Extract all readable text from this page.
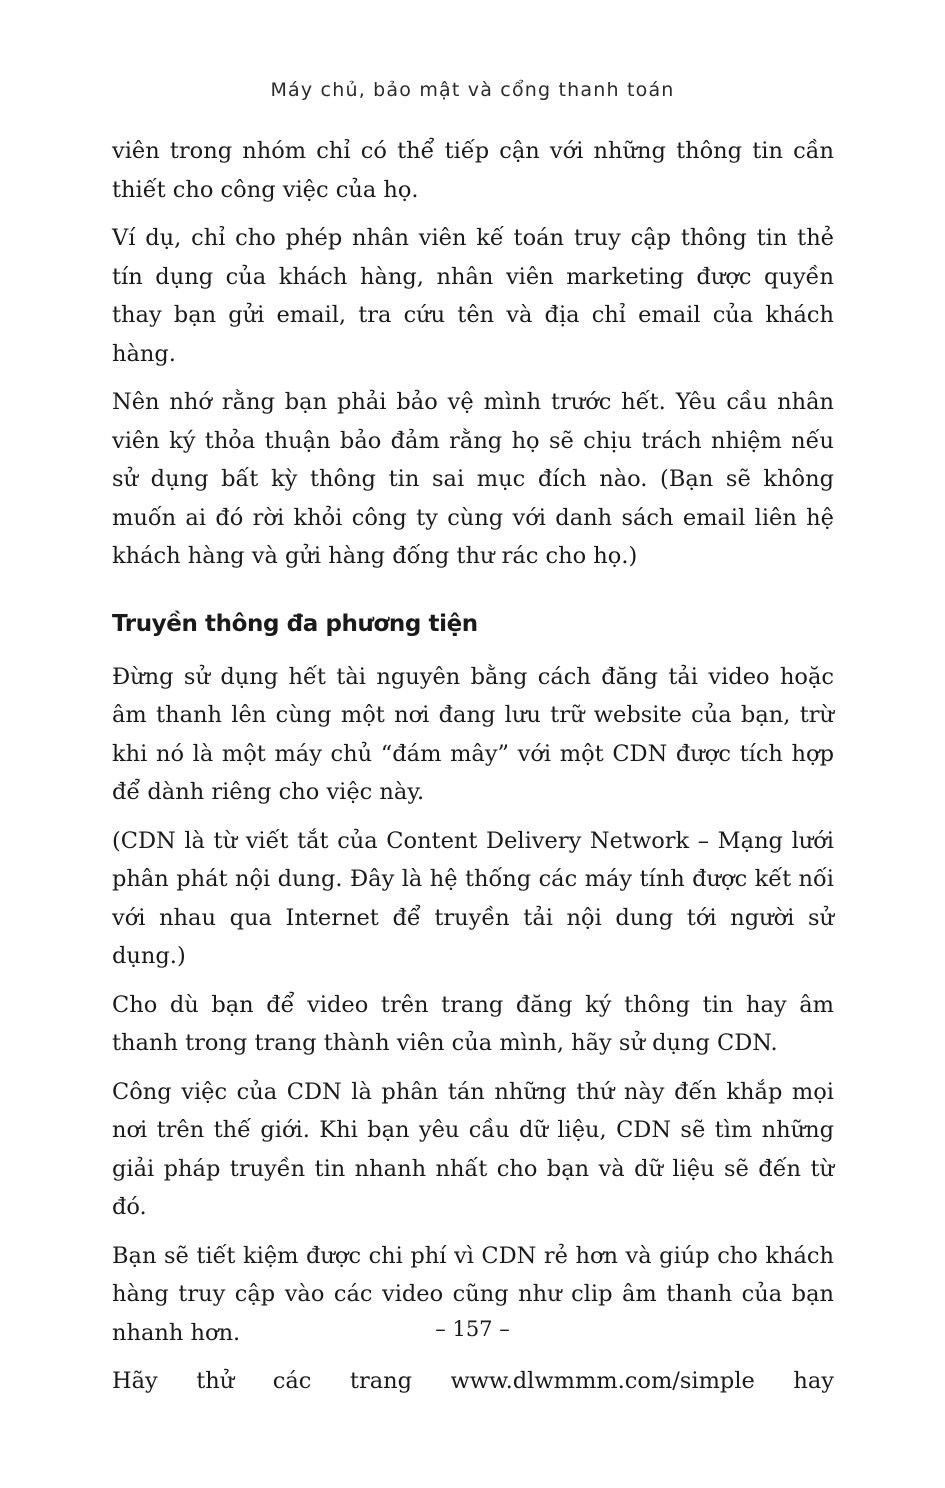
Máy chủ, bảo mật và cổng thanh toán

viên trong nhóm chỉ có thể tiếp cận với những thông tin cần thiết cho công việc của họ.

Ví dụ, chỉ cho phép nhân viên kế toán truy cập thông tin thẻ tín dụng của khách hàng, nhân viên marketing được quyền thay bạn gửi email, tra cứu tên và địa chỉ email của khách hàng.

Nên nhớ rằng bạn phải bảo vệ mình trước hết. Yêu cầu nhân viên ký thỏa thuận bảo đảm rằng họ sẽ chịu trách nhiệm nếu sử dụng bất kỳ thông tin sai mục đích nào. (Bạn sẽ không muốn ai đó rời khỏi công ty cùng với danh sách email liên hệ khách hàng và gửi hàng đống thư rác cho họ.)

Truyền thông đa phương tiện

Đừng sử dụng hết tài nguyên bằng cách đăng tải video hoặc âm thanh lên cùng một nơi đang lưu trữ website của bạn, trừ khi nó là một máy chủ “đám mây” với một CDN được tích hợp để dành riêng cho việc này.

(CDN là từ viết tắt của Content Delivery Network – Mạng lưới phân phát nội dung. Đây là hệ thống các máy tính được kết nối với nhau qua Internet để truyền tải nội dung tới người sử dụng.)

Cho dù bạn để video trên trang đăng ký thông tin hay âm thanh trong trang thành viên của mình, hãy sử dụng CDN.

Công việc của CDN là phân tán những thứ này đến khắp mọi nơi trên thế giới. Khi bạn yêu cầu dữ liệu, CDN sẽ tìm những giải pháp truyền tin nhanh nhất cho bạn và dữ liệu sẽ đến từ đó.

Bạn sẽ tiết kiệm được chi phí vì CDN rẻ hơn và giúp cho khách hàng truy cập vào các video cũng như clip âm thanh của bạn nhanh hơn.

Hãy thử các trang www.dlwmmm.com/simple hay
– 157 –
